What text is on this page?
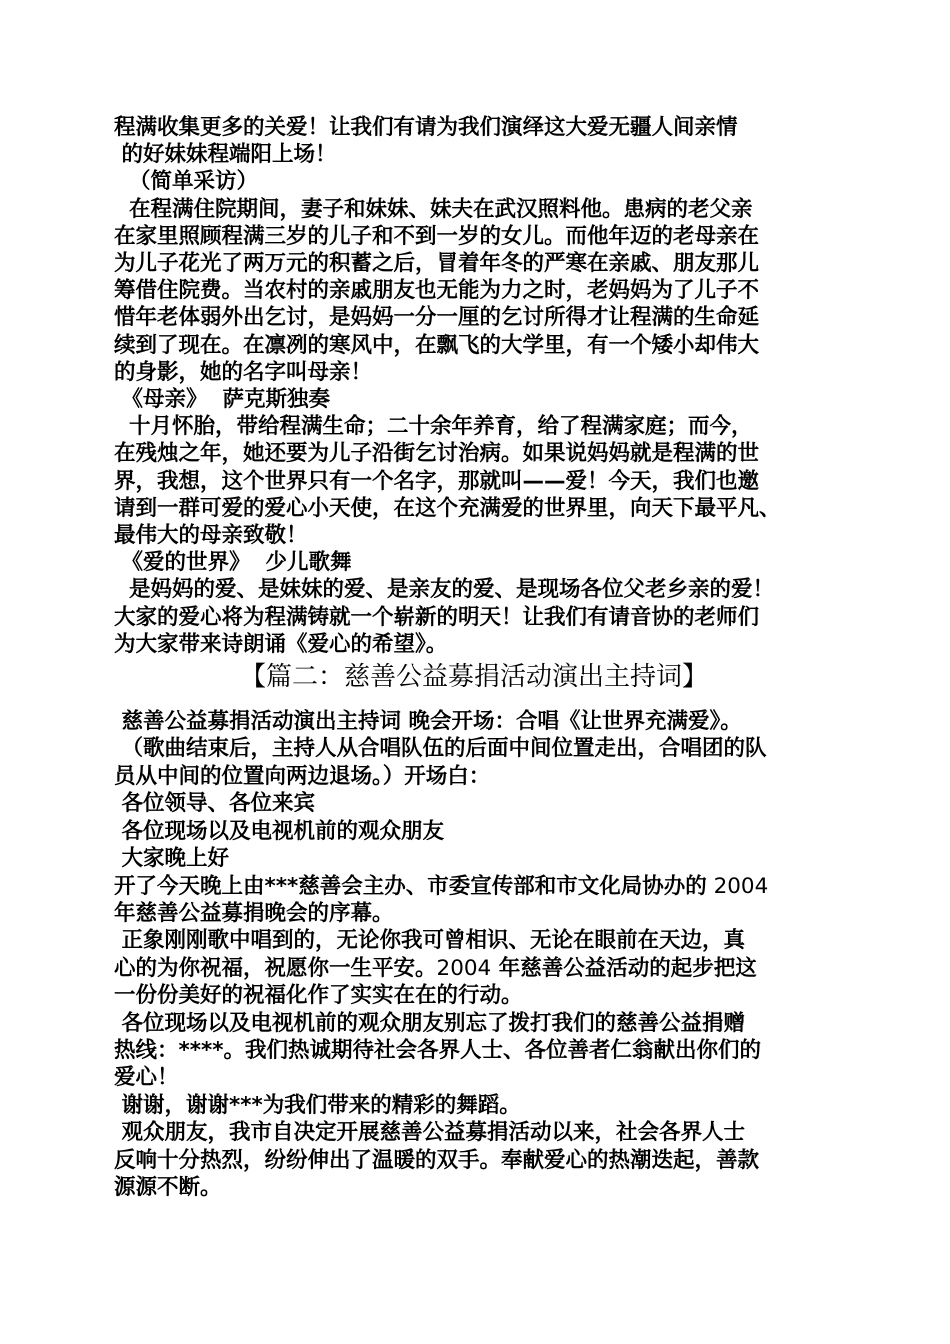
程满收集更多的关爱！让我们有请为我们演绎这大爱无疆人间亲情
的好妹妹程端阳上场！
（简单采访）
在程满住院期间，妻子和妹妹、妹夫在武汉照料他。患病的老父亲
在家里照顾程满三岁的儿子和不到一岁的女儿。而他年迈的老母亲在
为儿子花光了两万元的积蓄之后，冒着年冬的严寒在亲戚、朋友那儿
筹借住院费。当农村的亲戚朋友也无能为力之时，老妈妈为了儿子不
惜年老体弱外出乞讨，是妈妈一分一厘的乞讨所得才让程满的生命延
续到了现在。在凛冽的寒风中，在飘飞的大学里，有一个矮小却伟大
的身影，她的名字叫母亲！
《母亲》  萨克斯独奏
十月怀胎，带给程满生命；二十余年养育，给了程满家庭；而今，
在残烛之年，她还要为儿子沿街乞讨治病。如果说妈妈就是程满的世
界，我想，这个世界只有一个名字，那就叫——爱！今天，我们也邀
请到一群可爱的爱心小天使，在这个充满爱的世界里，向天下最平凡、
最伟大的母亲致敬！
《爱的世界》  少儿歌舞
是妈妈的爱、是妹妹的爱、是亲友的爱、是现场各位父老乡亲的爱！
大家的爱心将为程满铸就一个崭新的明天！让我们有请音协的老师们
为大家带来诗朗诵《爱心的希望》。
【篇二：慈善公益募捐活动演出主持词】
慈善公益募捐活动演出主持词 晚会开场：合唱《让世界充满爱》。
（歌曲结束后，主持人从合唱队伍的后面中间位置走出，合唱团的队
员从中间的位置向两边退场。）开场白：
各位领导、各位来宾
各位现场以及电视机前的观众朋友
大家晚上好
开了今天晚上由***慈善会主办、市委宣传部和市文化局协办的 2004
年慈善公益募捐晚会的序幕。
正象刚刚歌中唱到的，无论你我可曾相识、无论在眼前在天边，真
心的为你祝福，祝愿你一生平安。2004 年慈善公益活动的起步把这
一份份美好的祝福化作了实实在在的行动。
各位现场以及电视机前的观众朋友别忘了拨打我们的慈善公益捐赠
热线：****。我们热诚期待社会各界人士、各位善者仁翁献出你们的
爱心！
谢谢，谢谢***为我们带来的精彩的舞蹈。
观众朋友，我市自决定开展慈善公益募捐活动以来，社会各界人士
反响十分热烈，纷纷伸出了温暖的双手。奉献爱心的热潮迭起，善款
源源不断。
